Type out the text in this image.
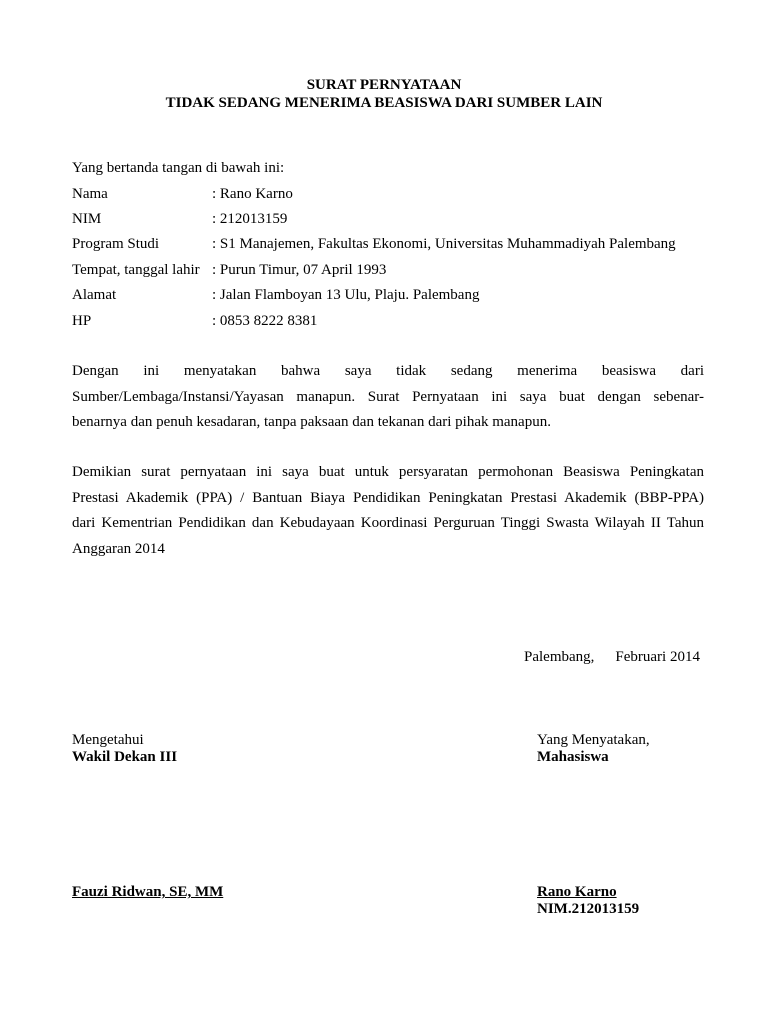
SURAT PERNYATAAN
TIDAK SEDANG MENERIMA BEASISWA DARI SUMBER LAIN
Yang bertanda tangan di bawah ini:
Nama	: Rano Karno
NIM	: 212013159
Program Studi	: S1 Manajemen, Fakultas Ekonomi, Universitas Muhammadiyah Palembang
Tempat, tanggal lahir : Purun Timur, 07 April 1993
Alamat	: Jalan Flamboyan 13 Ulu, Plaju. Palembang
HP	: 0853 8222 8381
Dengan ini menyatakan bahwa saya tidak sedang menerima beasiswa dari
Sumber/Lembaga/Instansi/Yayasan manapun. Surat Pernyataan ini saya buat dengan sebenar-
benarnya dan penuh kesadaran, tanpa paksaan dan tekanan dari pihak manapun.
Demikian surat pernyataan ini saya buat untuk persyaratan permohonan Beasiswa Peningkatan
Prestasi Akademik (PPA) / Bantuan Biaya Pendidikan Peningkatan Prestasi Akademik (BBP-PPA)
dari Kementrian Pendidikan dan Kebudayaan Koordinasi Perguruan Tinggi Swasta Wilayah II Tahun
Anggaran 2014
Palembang, Februari 2014
Mengetahui
Wakil Dekan III
Fauzi Ridwan, SE, MM
Yang Menyatakan,
Mahasiswa
Rano Karno
NIM.212013159
